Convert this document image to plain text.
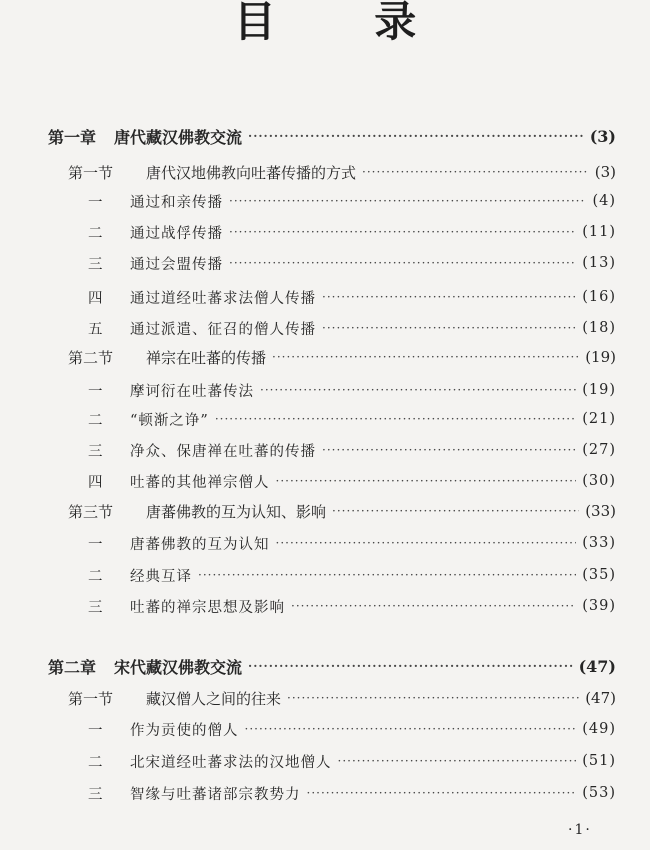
目 录
第一章	唐代藏汉佛教交流 ·····	(3)
第一节	唐代汉地佛教向吐蕃传播的方式 ·····	(3)
一	通过和亲传播 ·····	(4)
二	通过战俘传播 ·····	(11)
三	通过会盟传播 ·····	(13)
四	通过道经吐蕃求法僧人传播 ·····	(16)
五	通过派遣、征召的僧人传播 ·····	(18)
第二节	禅宗在吐蕃的传播 ·····	(19)
一	摩诃衍在吐蕃传法 ·····	(19)
二	“顿渐之诤” ·····	(21)
三	净众、保唐禅在吐蕃的传播 ·····	(27)
四	吐蕃的其他禅宗僧人 ·····	(30)
第三节	唐蕃佛教的互为认知、影响 ·····	(33)
一	唐蕃佛教的互为认知 ·····	(33)
二	经典互译 ·····	(35)
三	吐蕃的禅宗思想及影响 ·····	(39)
第二章	宋代藏汉佛教交流 ·····	(47)
第一节	藏汉僧人之间的往来 ·····	(47)
一	作为贡使的僧人 ·····	(49)
二	北宋道经吐蕃求法的汉地僧人 ·····	(51)
三	智缘与吐蕃诸部宗教势力 ·····	(53)
·1·
